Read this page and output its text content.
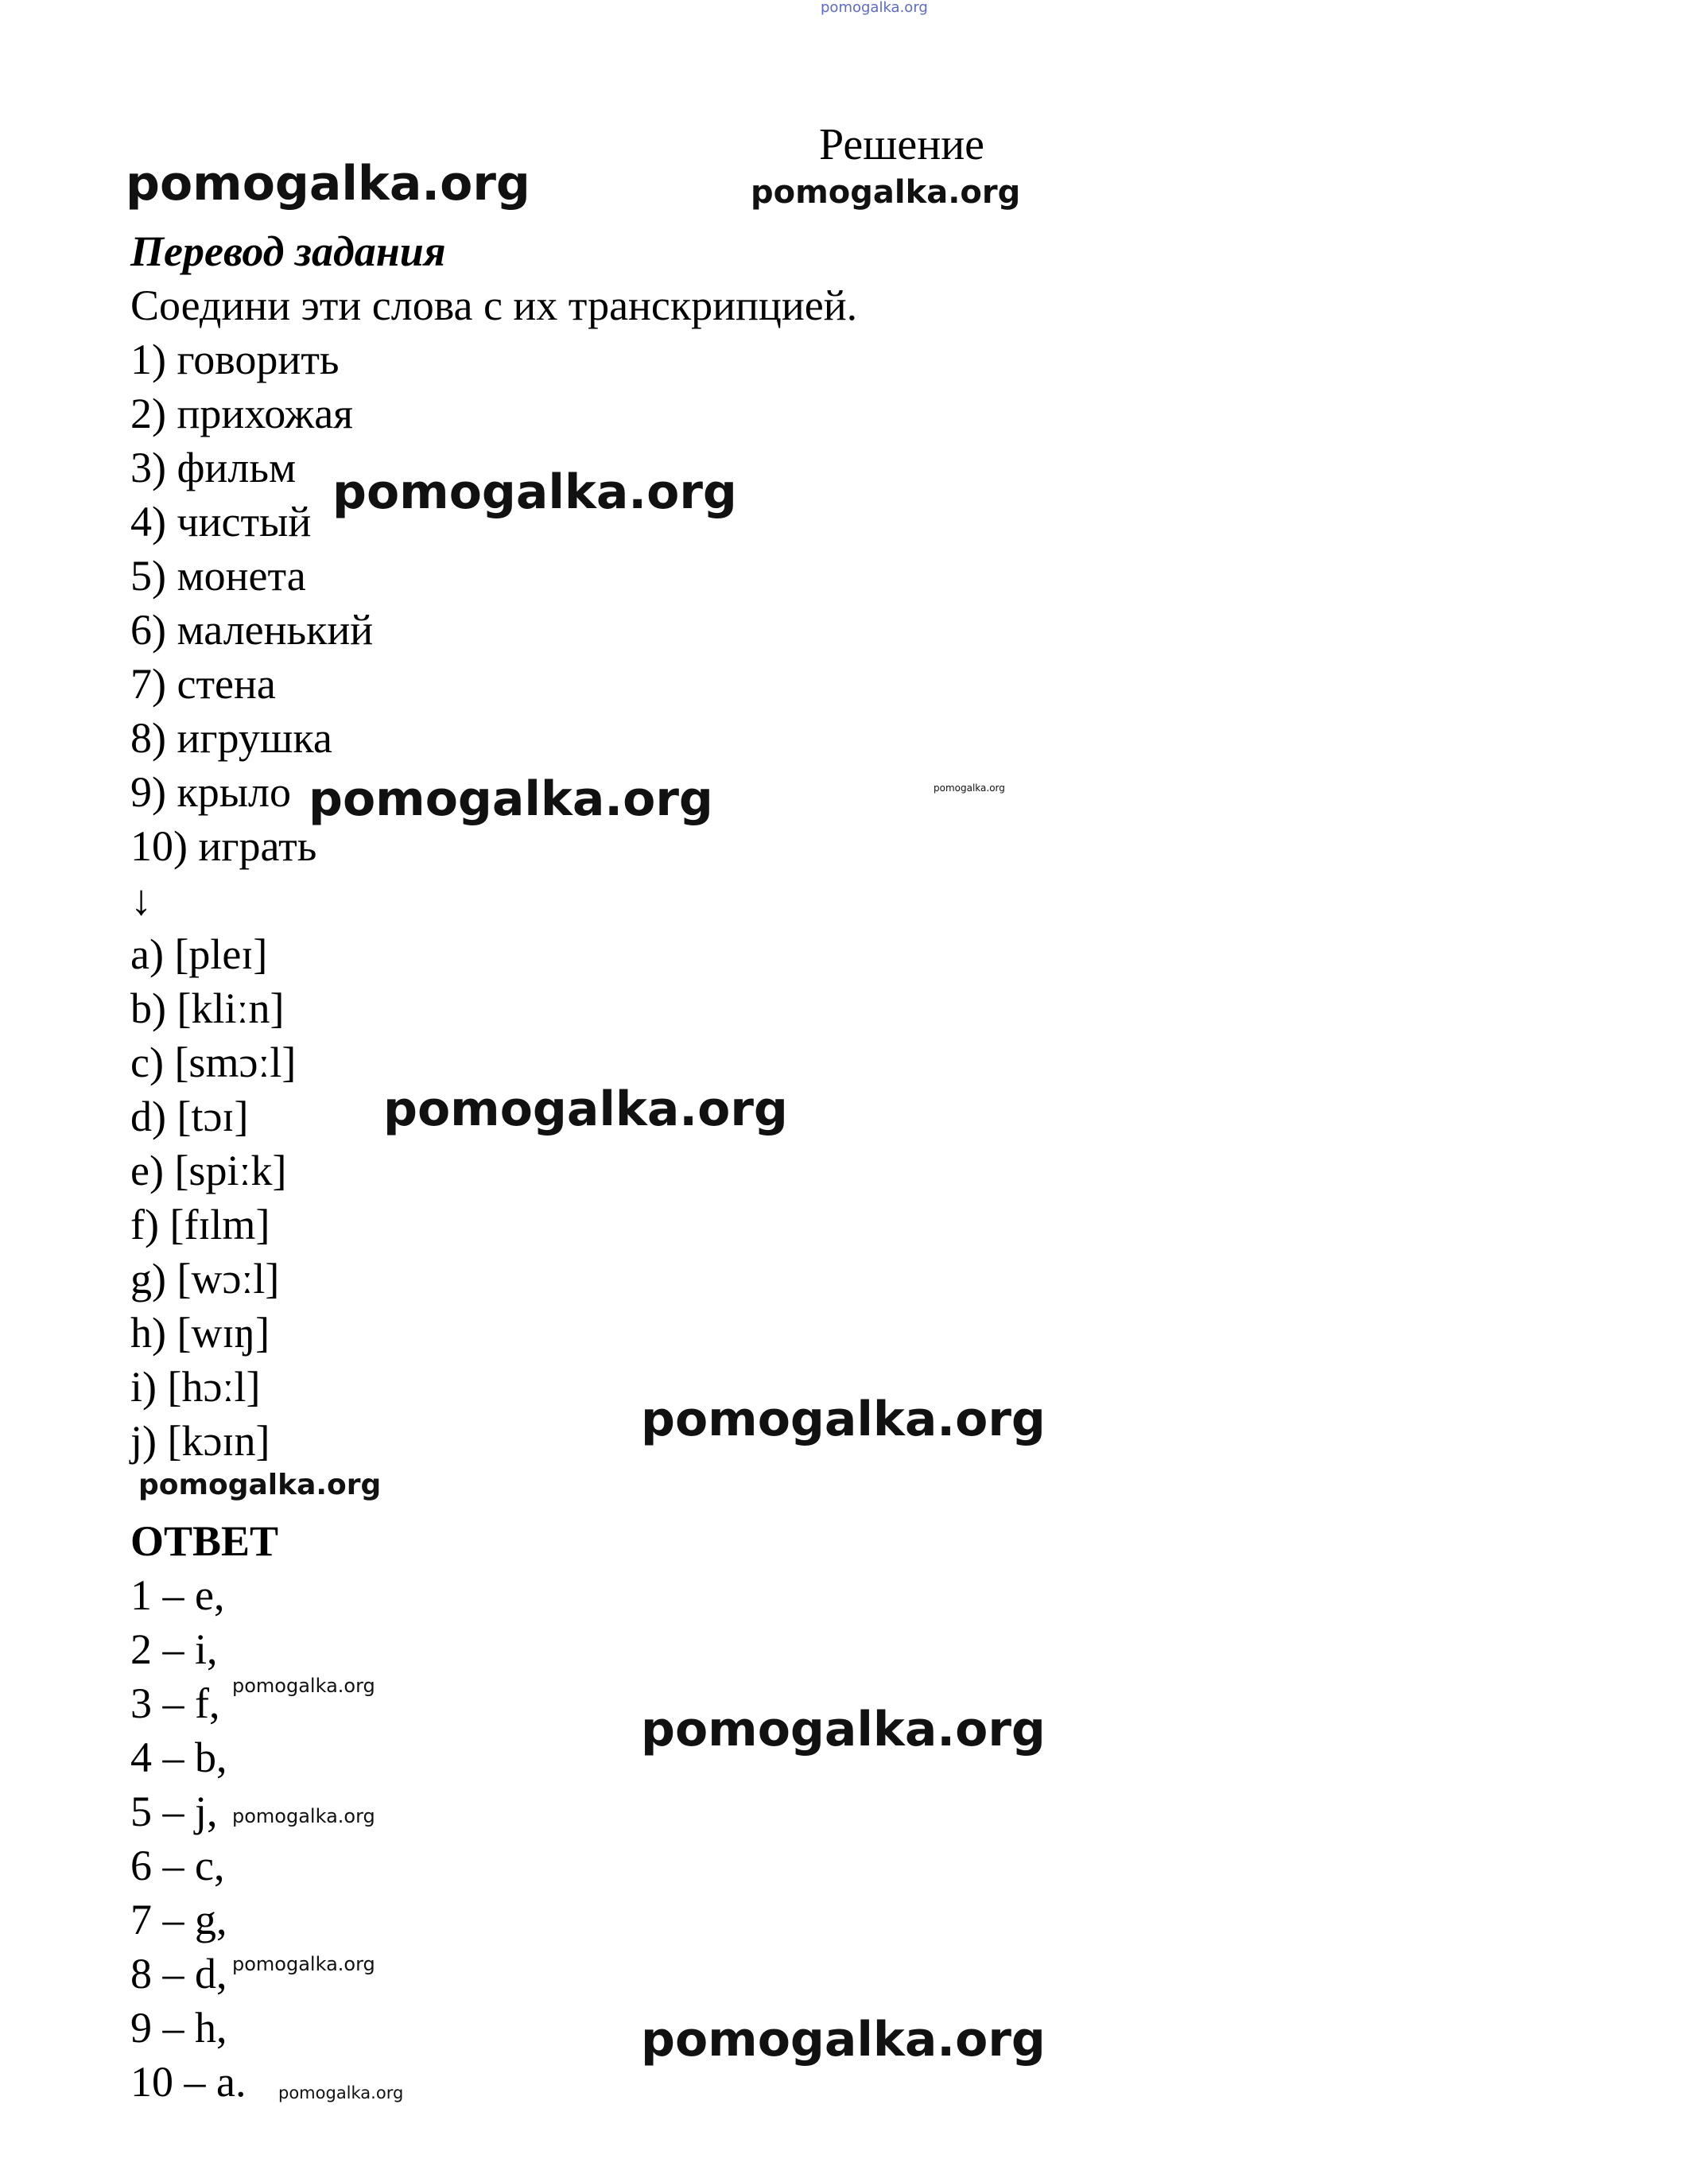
pomogalka.org
Решение
pomogalka.org	pomogalka.org
pomogalka.org
pomogalka.org	pomogalka.org
pomogalka.org
pomogalka.org
pomogalka.org
pomogalka.org
pomogalka.org
pomogalka.org
pomogalka.org
pomogalka.org
pomogalka.org
Перевод задания
Соедини эти слова с их транскрипцией.
1) говорить
2) прихожая
3) фильм
4) чистый
5) монета
6) маленький
7) стена
8) игрушка
9) крыло
10) играть
↓
a) [pleɪ]
b) [kliːn]
c) [smɔːl]
d) [tɔɪ]
e) [spiːk]
f) [fɪlm]
g) [wɔːl]
h) [wɪŋ]
i) [hɔːl]
j) [kɔɪn]
ОТВЕТ
1 – e,
2 – i,
3 – f,
4 – b,
5 – j,
6 – c,
7 – g,
8 – d,
9 – h,
10 – a.
